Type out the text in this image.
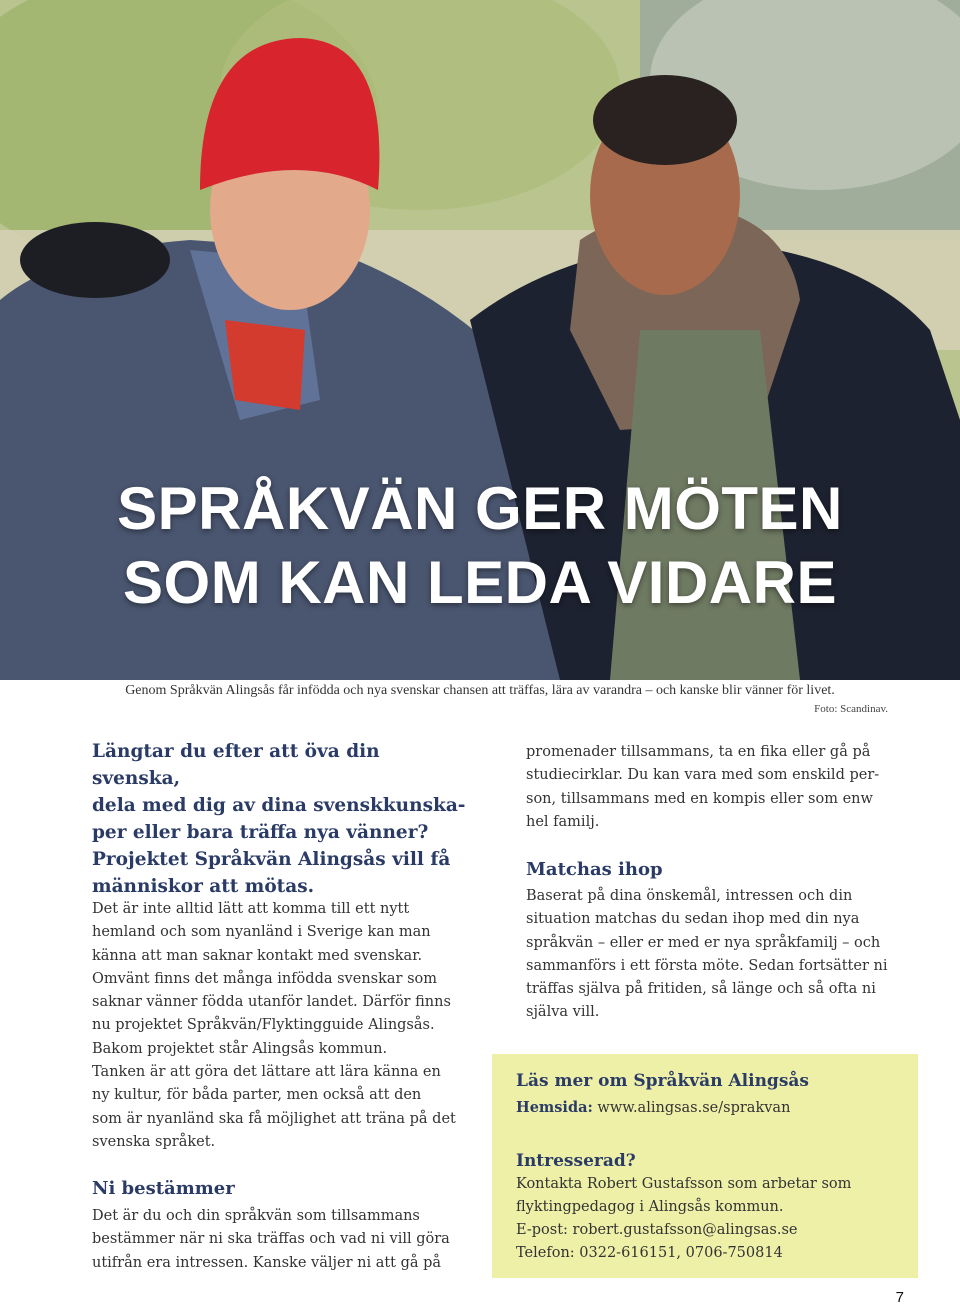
SPRÅKVÄN GER MÖTEN
SOM KAN LEDA VIDARE
Genom Språkvän Alingsås får infödda och nya svenskar chansen att träffas, lära av varandra – och kanske blir vänner för livet.
Foto: Scandinav.

Längtar du efter att öva din svenska,

dela med dig av dina svenskkunska-

per eller bara träffa nya vänner?

Projektet Språkvän Alingsås vill få

människor att mötas.

Det är inte alltid lätt att komma till ett nytt

hemland och som nyanländ i Sverige kan man

känna att man saknar kontakt med svenskar.

Omvänt finns det många infödda svenskar som

saknar vänner födda utanför landet. Därför finns

nu projektet Språkvän/Flyktingguide Alingsås.

Bakom projektet står Alingsås kommun.

Tanken är att göra det lättare att lära känna en

ny kultur, för båda parter, men också att den

som är nyanländ ska få möjlighet att träna på det

svenska språket.

Ni bestämmer

Det är du och din språkvän som tillsammans

bestämmer när ni ska träffas och vad ni vill göra

utifrån era intressen. Kanske väljer ni att gå på

promenader tillsammans, ta en fika eller gå på

studiecirklar. Du kan vara med som enskild per-

son, tillsammans med en kompis eller som enw

hel familj.

Matchas ihop

Baserat på dina önskemål, intressen och din

situation matchas du sedan ihop med din nya

språkvän – eller er med er nya språkfamilj – och

sammanförs i ett första möte. Sedan fortsätter ni

träffas själva på fritiden, så länge och så ofta ni

själva vill.

Läs mer om Språkvän Alingsås
Hemsida: www.alingsas.se/sprakvan
Intresserad?
Kontakta Robert Gustafsson som arbetar som
flyktingpedagog i Alingsås kommun.
E-post: robert.gustafsson@alingsas.se
Telefon: 0322-616151, 0706-750814
7
